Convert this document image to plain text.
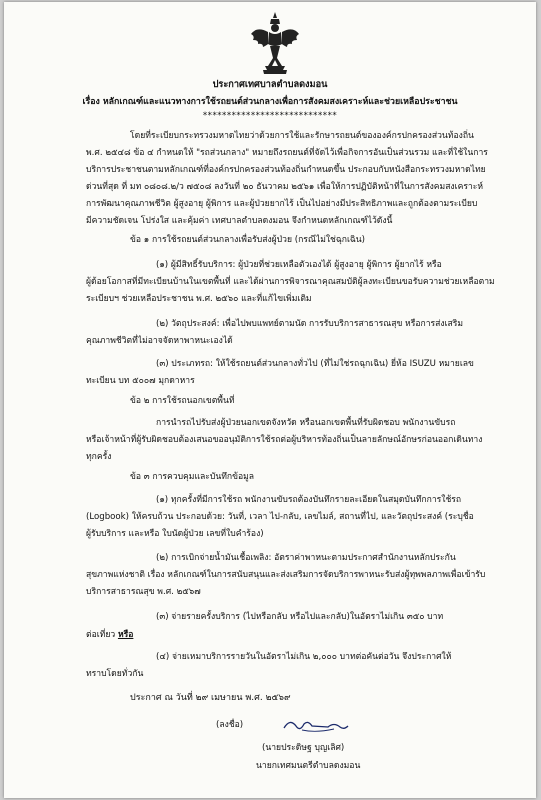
ประกาศเทศบาลตำบลดงมอน
เรื่อง หลักเกณฑ์และแนวทางการใช้รถยนต์ส่วนกลางเพื่อการสังคมสงเคราะห์และช่วยเหลือประชาชน
****************************
โดยที่ระเบียบกระทรวงมหาดไทยว่าด้วยการใช้และรักษารถยนต์ขององค์กรปกครองส่วนท้องถิ่น
พ.ศ. ๒๕๔๘ ข้อ ๔ กำหนดให้ "รถส่วนกลาง" หมายถึงรถยนต์ที่จัดไว้เพื่อกิจการอันเป็นส่วนรวม และที่ใช้ในการ
บริการประชาชนตามหลักเกณฑ์ที่องค์กรปกครองส่วนท้องถิ่นกำหนดขึ้น ประกอบกับหนังสือกระทรวงมหาดไทย
ด่วนที่สุด ที่ มท ๐๘๐๘.๒/ว ๗๕๐๘ ลงวันที่ ๒๐ ธันวาคม ๒๕๖๑ เพื่อให้การปฏิบัติหน้าที่ในการสังคมสงเคราะห์
การพัฒนาคุณภาพชีวิต ผู้สูงอายุ ผู้พิการ และผู้ป่วยยากไร้ เป็นไปอย่างมีประสิทธิภาพและถูกต้องตามระเบียบ
มีความชัดเจน โปร่งใส และคุ้มค่า เทศบาลตำบลดงมอน จึงกำหนดหลักเกณฑ์ไว้ดังนี้
ข้อ ๑ การใช้รถยนต์ส่วนกลางเพื่อรับส่งผู้ป่วย (กรณีไม่ใช่ฉุกเฉิน)
(๑) ผู้มีสิทธิ์รับบริการ: ผู้ป่วยที่ช่วยเหลือตัวเองได้ ผู้สูงอายุ ผู้พิการ ผู้ยากไร้ หรือ
ผู้ด้อยโอกาสที่มีทะเบียนบ้านในเขตพื้นที่ และได้ผ่านการพิจารณาคุณสมบัติผู้ลงทะเบียนขอรับความช่วยเหลือตาม
ระเบียบฯ ช่วยเหลือประชาชน พ.ศ. ๒๕๖๐ และที่แก้ไขเพิ่มเติม
(๒) วัตถุประสงค์: เพื่อไปพบแพทย์ตามนัด การรับบริการสาธารณสุข หรือการส่งเสริม
คุณภาพชีวิตที่ไม่อาจจัดหาพาหนะเองได้
(๓) ประเภทรถ: ให้ใช้รถยนต์ส่วนกลางทั่วไป (ที่ไม่ใช่รถฉุกเฉิน) ยี่ห้อ ISUZU หมายเลข
ทะเบียน บท ๕๐๐๗ มุกดาหาร
ข้อ ๒ การใช้รถนอกเขตพื้นที่
การนำรถไปรับส่งผู้ป่วยนอกเขตจังหวัด หรือนอกเขตพื้นที่รับผิดชอบ พนักงานขับรถ
หรือเจ้าหน้าที่ผู้รับผิดชอบต้องเสนอขออนุมัติการใช้รถต่อผู้บริหารท้องถิ่นเป็นลายลักษณ์อักษรก่อนออกเดินทาง
ทุกครั้ง
ข้อ ๓ การควบคุมและบันทึกข้อมูล
(๑) ทุกครั้งที่มีการใช้รถ พนักงานขับรถต้องบันทึกรายละเอียดในสมุดบันทึกการใช้รถ
(Logbook) ให้ครบถ้วน ประกอบด้วย: วันที่, เวลา ไป-กลับ, เลขไมล์, สถานที่ไป, และวัตถุประสงค์ (ระบุชื่อ
ผู้รับบริการ และหรือ ใบนัดผู้ป่วย เลขที่ใบคำร้อง)
(๒) การเบิกจ่ายน้ำมันเชื้อเพลิง: อัตราค่าพาหนะตามประกาศสำนักงานหลักประกัน
สุขภาพแห่งชาติ เรื่อง หลักเกณฑ์ในการสนับสนุนและส่งเสริมการจัดบริการพาหนะรับส่งผู้ทุพพลภาพเพื่อเข้ารับ
บริการสาธารณสุข พ.ศ. ๒๕๖๗
(๓) จ่ายรายครั้งบริการ (ไปหรือกลับ หรือไปและกลับ)ในอัตราไม่เกิน ๓๕๐ บาท
ต่อเที่ยว หรือ
(๔) จ่ายเหมาบริการรายวันในอัตราไม่เกิน ๒,๐๐๐ บาทต่อคันต่อวัน จึงประกาศให้
ทราบโดยทั่วกัน
ประกาศ ณ วันที่ ๒๙ เมษายน พ.ศ. ๒๕๖๙
(ลงชื่อ)
(นายประดิษฐ บุญเลิศ)
นายกเทศมนตรีตำบลดงมอน
